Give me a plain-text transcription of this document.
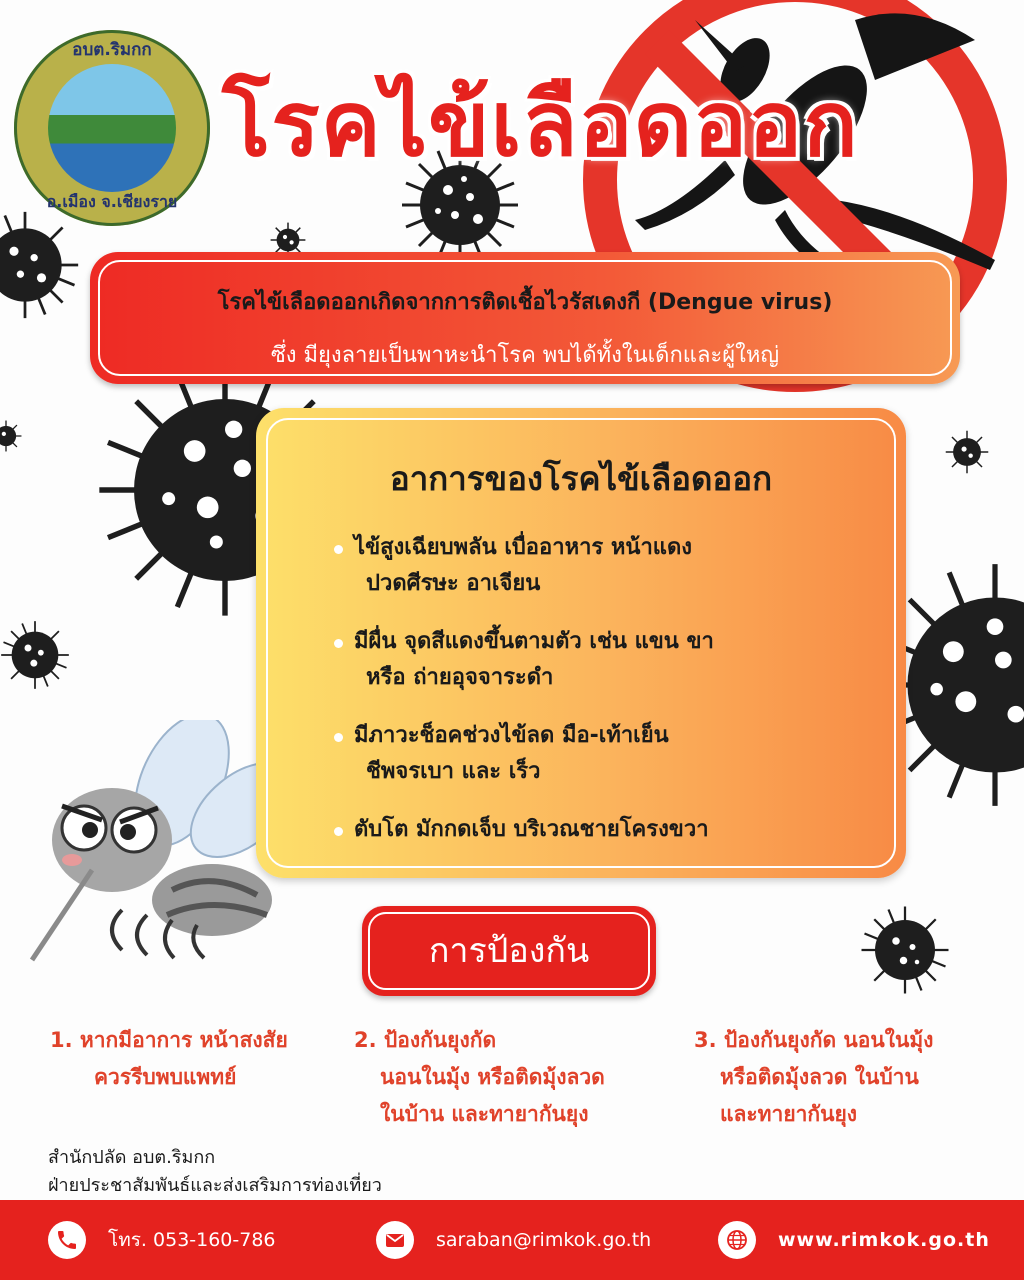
อบต.ริมกก
อ.เมือง จ.เชียงราย
โรคไข้เลือดออก
โรคไข้เลือดออกเกิดจากการติดเชื้อไวรัสเดงกี (Dengue virus)
ซึ่ง มียุงลายเป็นพาหะนำโรค พบได้ทั้งในเด็กและผู้ใหญ่
อาการของโรคไข้เลือดออก
ไข้สูงเฉียบพลัน เบื่ออาหาร หน้าแดง
ปวดศีรษะ อาเจียน
มีผื่น จุดสีแดงขึ้นตามตัว เช่น แขน ขา
หรือ ถ่ายอุจจาระดำ
มีภาวะช็อคช่วงไข้ลด มือ-เท้าเย็น
ชีพจรเบา และ เร็ว
ตับโต มักกดเจ็บ บริเวณชายโครงขวา
การป้องกัน
1. หากมีอาการ หน้าสงสัย
ควรรีบพบแพทย์
2. ป้องกันยุงกัด
นอนในมุ้ง หรือติดมุ้งลวด
ในบ้าน และทายากันยุง
3. ป้องกันยุงกัด นอนในมุ้ง
หรือติดมุ้งลวด ในบ้าน
และทายากันยุง
สำนักปลัด อบต.ริมกก
ฝ่ายประชาสัมพันธ์และส่งเสริมการท่องเที่ยว
โทร. 053-160-786	saraban@rimkok.go.th	www.rimkok.go.th
